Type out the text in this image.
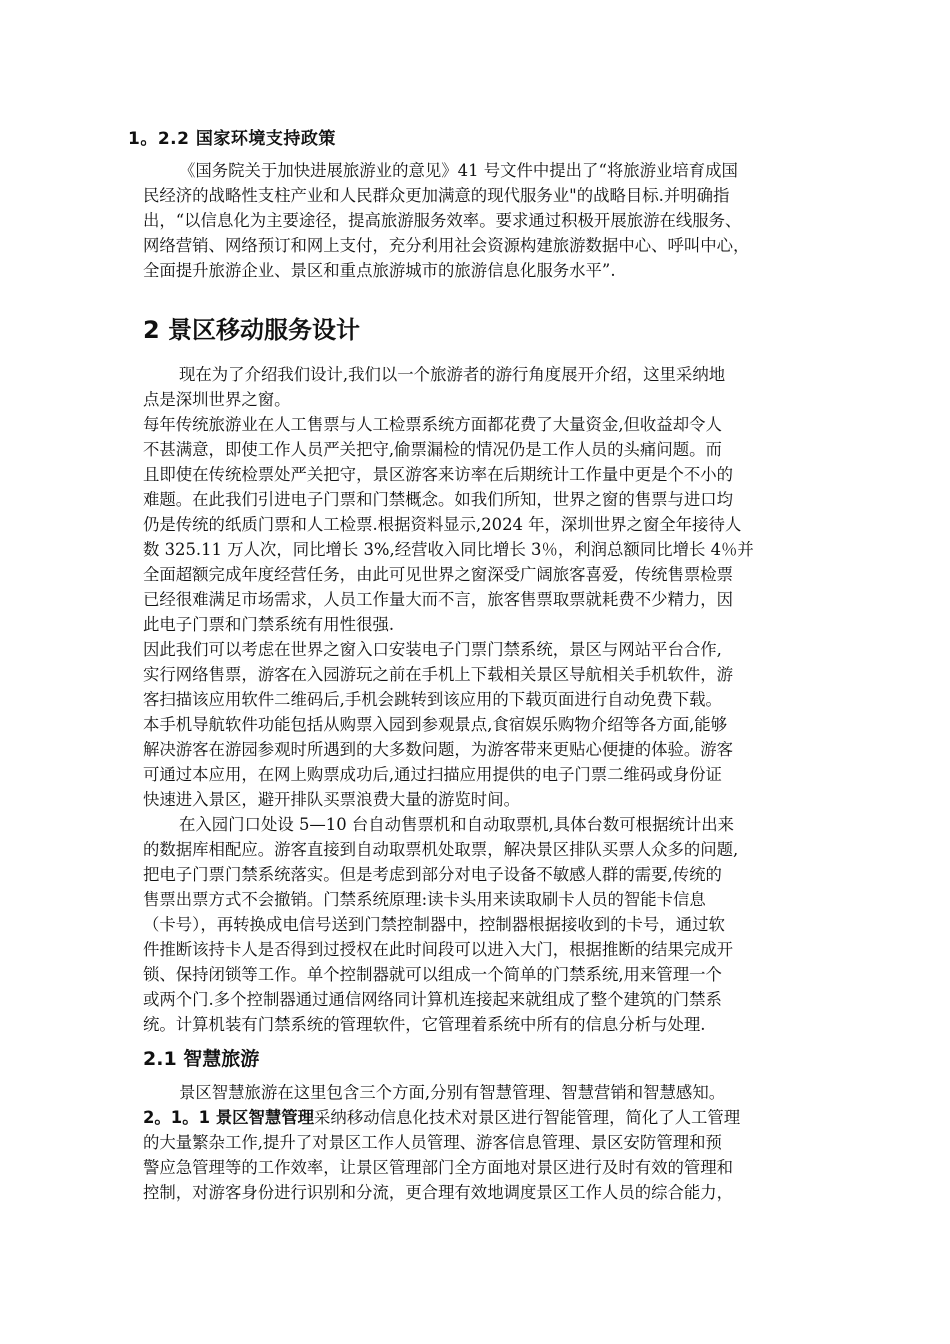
1。2.2 国家环境支持政策
《国务院关于加快进展旅游业的意见》41 号文件中提出了“将旅游业培育成国
民经济的战略性支柱产业和人民群众更加满意的现代服务业"的战略目标.并明确指
出，“以信息化为主要途径，提高旅游服务效率。要求通过积极开展旅游在线服务、
网络营销、网络预订和网上支付，充分利用社会资源构建旅游数据中心、呼叫中心，
全面提升旅游企业、景区和重点旅游城市的旅游信息化服务水平”.
2 景区移动服务设计
现在为了介绍我们设计,我们以一个旅游者的游行角度展开介绍，这里采纳地
点是深圳世界之窗。
每年传统旅游业在人工售票与人工检票系统方面都花费了大量资金,但收益却令人
不甚满意，即使工作人员严关把守,偷票漏检的情况仍是工作人员的头痛问题。而
且即使在传统检票处严关把守，景区游客来访率在后期统计工作量中更是个不小的
难题。在此我们引进电子门票和门禁概念。如我们所知，世界之窗的售票与进口均
仍是传统的纸质门票和人工检票.根据资料显示,2024 年，深圳世界之窗全年接待人
数 325.11 万人次，同比增长 3%,经营收入同比增长 3％，利润总额同比增长 4％并
全面超额完成年度经营任务，由此可见世界之窗深受广阔旅客喜爱，传统售票检票
已经很难满足市场需求，人员工作量大而不言，旅客售票取票就耗费不少精力，因
此电子门票和门禁系统有用性很强.
因此我们可以考虑在世界之窗入口安装电子门票门禁系统，景区与网站平台合作,
实行网络售票，游客在入园游玩之前在手机上下载相关景区导航相关手机软件，游
客扫描该应用软件二维码后,手机会跳转到该应用的下载页面进行自动免费下载。
本手机导航软件功能包括从购票入园到参观景点,食宿娱乐购物介绍等各方面,能够
解决游客在游园参观时所遇到的大多数问题，为游客带来更贴心便捷的体验。游客
可通过本应用，在网上购票成功后,通过扫描应用提供的电子门票二维码或身份证
快速进入景区，避开排队买票浪费大量的游览时间。
在入园门口处设 5—10 台自动售票机和自动取票机,具体台数可根据统计出来
的数据库相配应。游客直接到自动取票机处取票，解决景区排队买票人众多的问题,
把电子门票门禁系统落实。但是考虑到部分对电子设备不敏感人群的需要,传统的
售票出票方式不会撤销。门禁系统原理:读卡头用来读取刷卡人员的智能卡信息
（卡号），再转换成电信号送到门禁控制器中，控制器根据接收到的卡号，通过软
件推断该持卡人是否得到过授权在此时间段可以进入大门，根据推断的结果完成开
锁、保持闭锁等工作。单个控制器就可以组成一个简单的门禁系统,用来管理一个
或两个门.多个控制器通过通信网络同计算机连接起来就组成了整个建筑的门禁系
统。计算机装有门禁系统的管理软件，它管理着系统中所有的信息分析与处理.
2.1 智慧旅游
景区智慧旅游在这里包含三个方面,分别有智慧管理、智慧营销和智慧感知。
2。1。1 景区智慧管理采纳移动信息化技术对景区进行智能管理，简化了人工管理
的大量繁杂工作,提升了对景区工作人员管理、游客信息管理、景区安防管理和预
警应急管理等的工作效率，让景区管理部门全方面地对景区进行及时有效的管理和
控制，对游客身份进行识别和分流，更合理有效地调度景区工作人员的综合能力，
